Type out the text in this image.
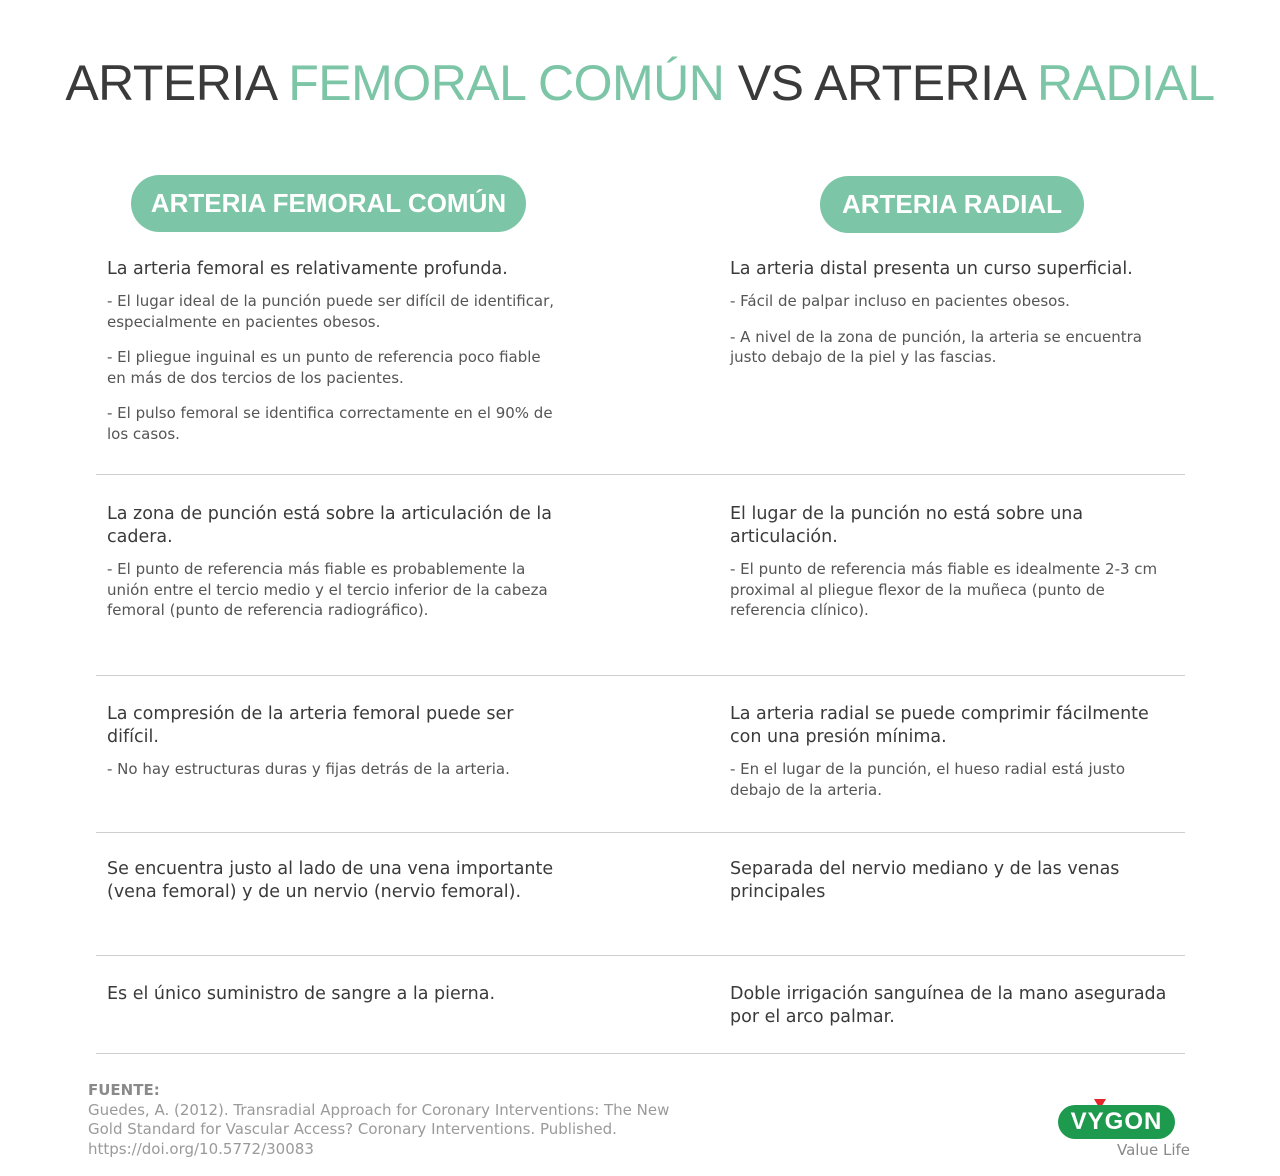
ARTERIA FEMORAL COMÚN VS ARTERIA RADIAL
ARTERIA FEMORAL COMÚN	ARTERIA RADIAL
La arteria femoral es relativamente profunda.

- El lugar ideal de la punción puede ser difícil de identificar, especialmente en pacientes obesos.

- El pliegue inguinal es un punto de referencia poco fiable en más de dos tercios de los pacientes.

- El pulso femoral se identifica correctamente en el 90% de los casos.

La arteria distal presenta un curso superficial.

- Fácil de palpar incluso en pacientes obesos.

- A nivel de la zona de punción, la arteria se encuentra justo debajo de la piel y las fascias.

La zona de punción está sobre la articulación de la cadera.

- El punto de referencia más fiable es probablemente la unión entre el tercio medio y el tercio inferior de la cabeza femoral (punto de referencia radiográfico).

El lugar de la punción no está sobre una articulación.

- El punto de referencia más fiable es idealmente 2-3 cm proximal al pliegue flexor de la muñeca (punto de referencia clínico).

La compresión de la arteria femoral puede ser difícil.

- No hay estructuras duras y fijas detrás de la arteria.

La arteria radial se puede comprimir fácilmente con una presión mínima.

- En el lugar de la punción, el hueso radial está justo debajo de la arteria.

Se encuentra justo al lado de una vena importante (vena femoral) y de un nervio (nervio femoral).
Separada del nervio mediano y de las venas principales
Es el único suministro de sangre a la pierna.	Doble irrigación sanguínea de la mano asegurada por el arco palmar.
FUENTE:
Guedes, A. (2012). Transradial Approach for Coronary Interventions: The New Gold Standard for Vascular Access? Coronary Interventions. Published. https://doi.org/10.5772/30083
VYGON
Value Life
